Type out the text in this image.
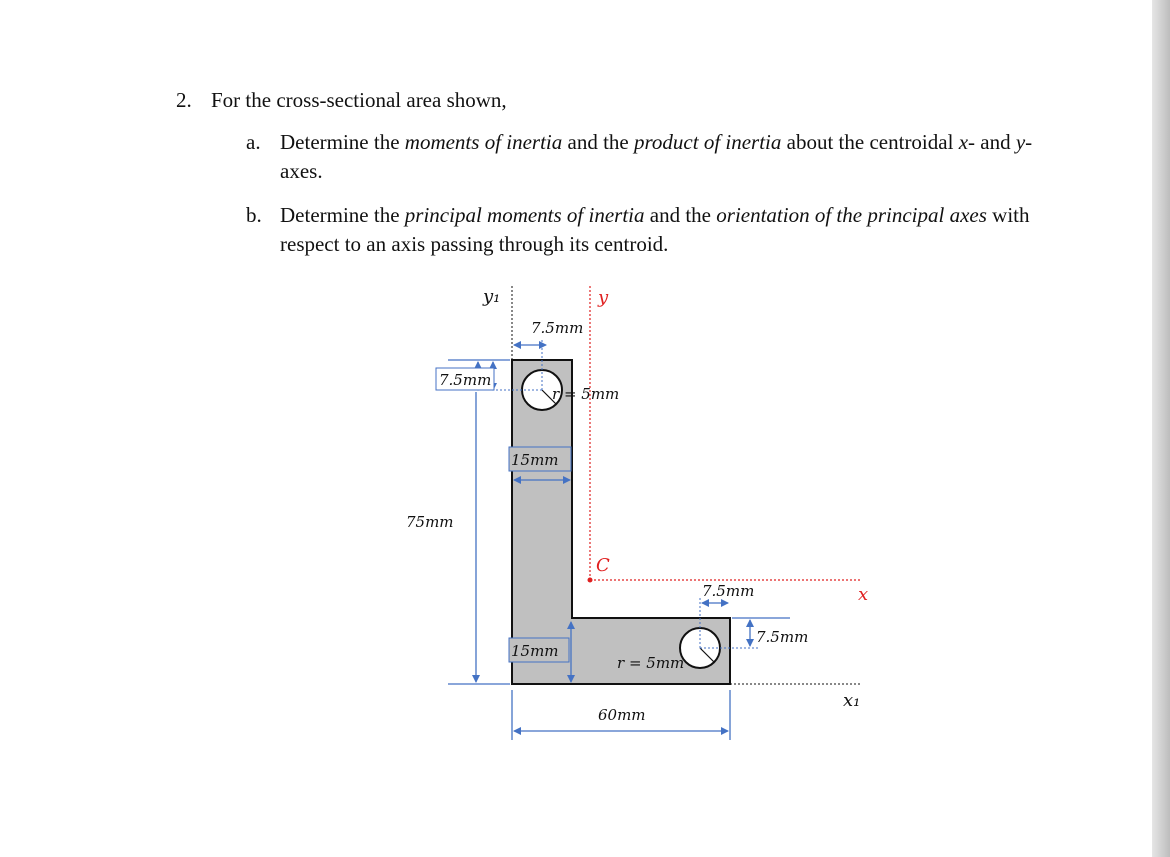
2. For the cross-sectional area shown,
a. Determine the moments of inertia and the product of inertia about the centroidal x- and y- axes.
b. Determine the principal moments of inertia and the orientation of the principal axes with respect to an axis passing through its centroid.
y₁	y
7.5mm
7.5mm
r = 5mm
15mm
75mm
C
7.5mm	x
7.5mm
15mm
r = 5mm
x₁
60mm
